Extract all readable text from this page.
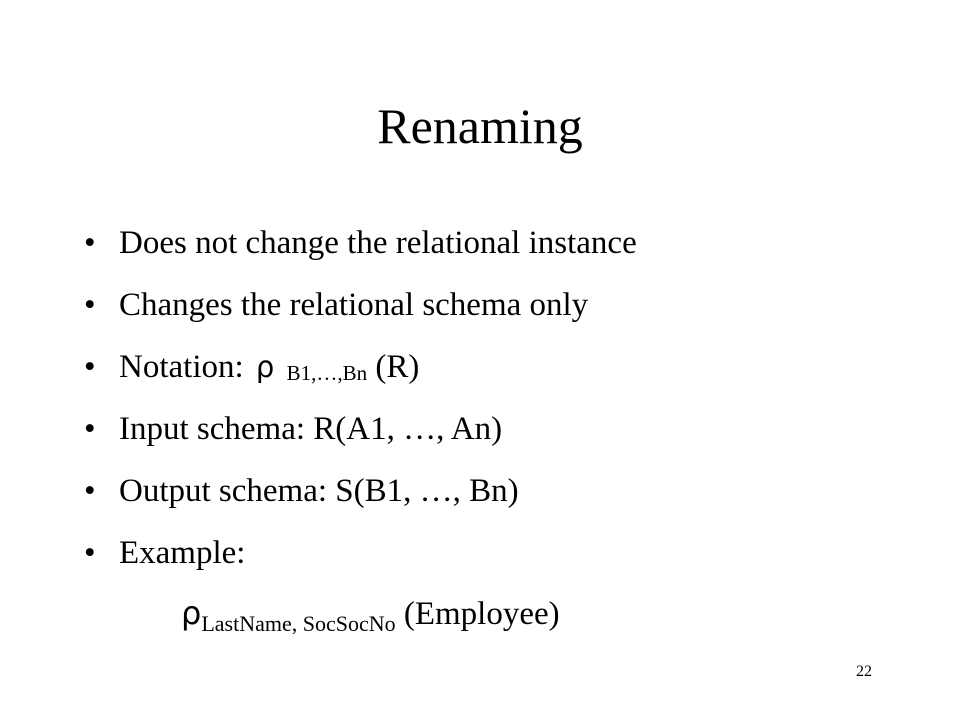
Renaming
• Does not change the relational instance
• Changes the relational schema only
• Notation: ρ B1,…,Bn (R)
• Input schema: R(A1, …, An)
• Output schema: S(B1, …, Bn)
• Example:
$\rho_{LastName, SocSocNo}$ (Employee)
22
